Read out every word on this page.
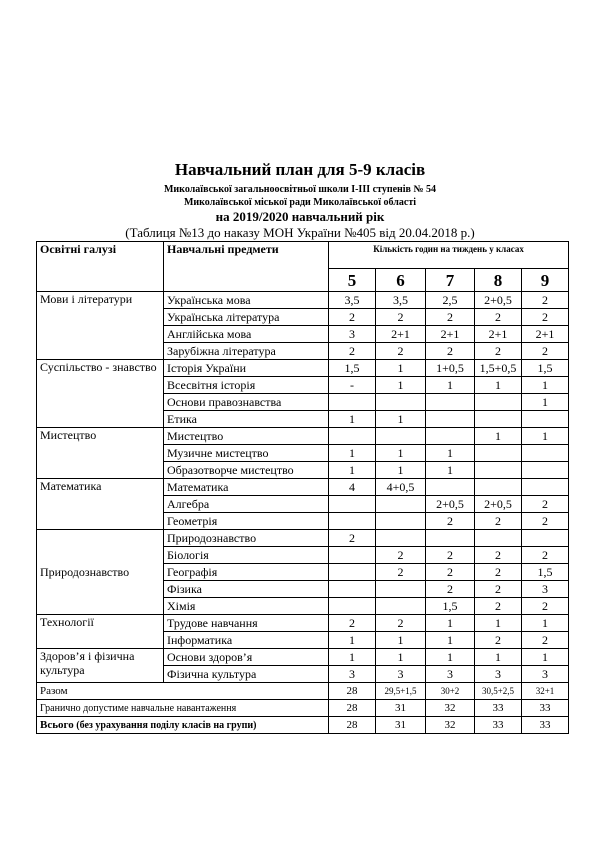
Навчальний план для 5-9 класів
Миколаївської загальноосвітньої школи І-ІІІ ступенів № 54
Миколаївської міської ради Миколаївської області
на 2019/2020 навчальний рік
(Таблиця №13 до наказу МОН України №405 від 20.04.2018 р.)
Освітні галузі	Навчальні предмети	Кількість годин на тиждень у класах				
		5	6	7	8	9
Мови і літератури	Українська мова	3,5	3,5	2,5	2+0,5	2
	Українська література	2	2	2	2	2
	Англійська мова	3	2+1	2+1	2+1	2+1
	Зарубіжна література	2	2	2	2	2
Суспільство - знавство	Історія України	1,5	1	1+0,5	1,5+0,5	1,5
	Всесвітня історія	-	1	1	1	1
	Основи правознавства					1
	Етика	1	1			
Мистецтво	Мистецтво				1	1
	Музичне мистецтво	1	1	1		
	Образотворче мистецтво	1	1	1		
Математика	Математика	4	4+0,5			
	Алгебра			2+0,5	2+0,5	2
	Геометрія			2	2	2
Природознавство	Природознавство	2				
	Біологія		2	2	2	2
	Географія		2	2	2	1,5
	Фізика			2	2	3
	Хімія			1,5	2	2
Технології	Трудове навчання	2	2	1	1	1
	Інформатика	1	1	1	2	2
Здоров’я і фізична культура	Основи здоров’я	1	1	1	1	1
	Фізична культура	3	3	3	3	3
Разом		28	29,5+1,5	30+2	30,5+2,5	32+1
Гранично допустиме навчальне навантаження		28	31	32	33	33
Всього (без урахування поділу класів на групи)		28	31	32	33	33
